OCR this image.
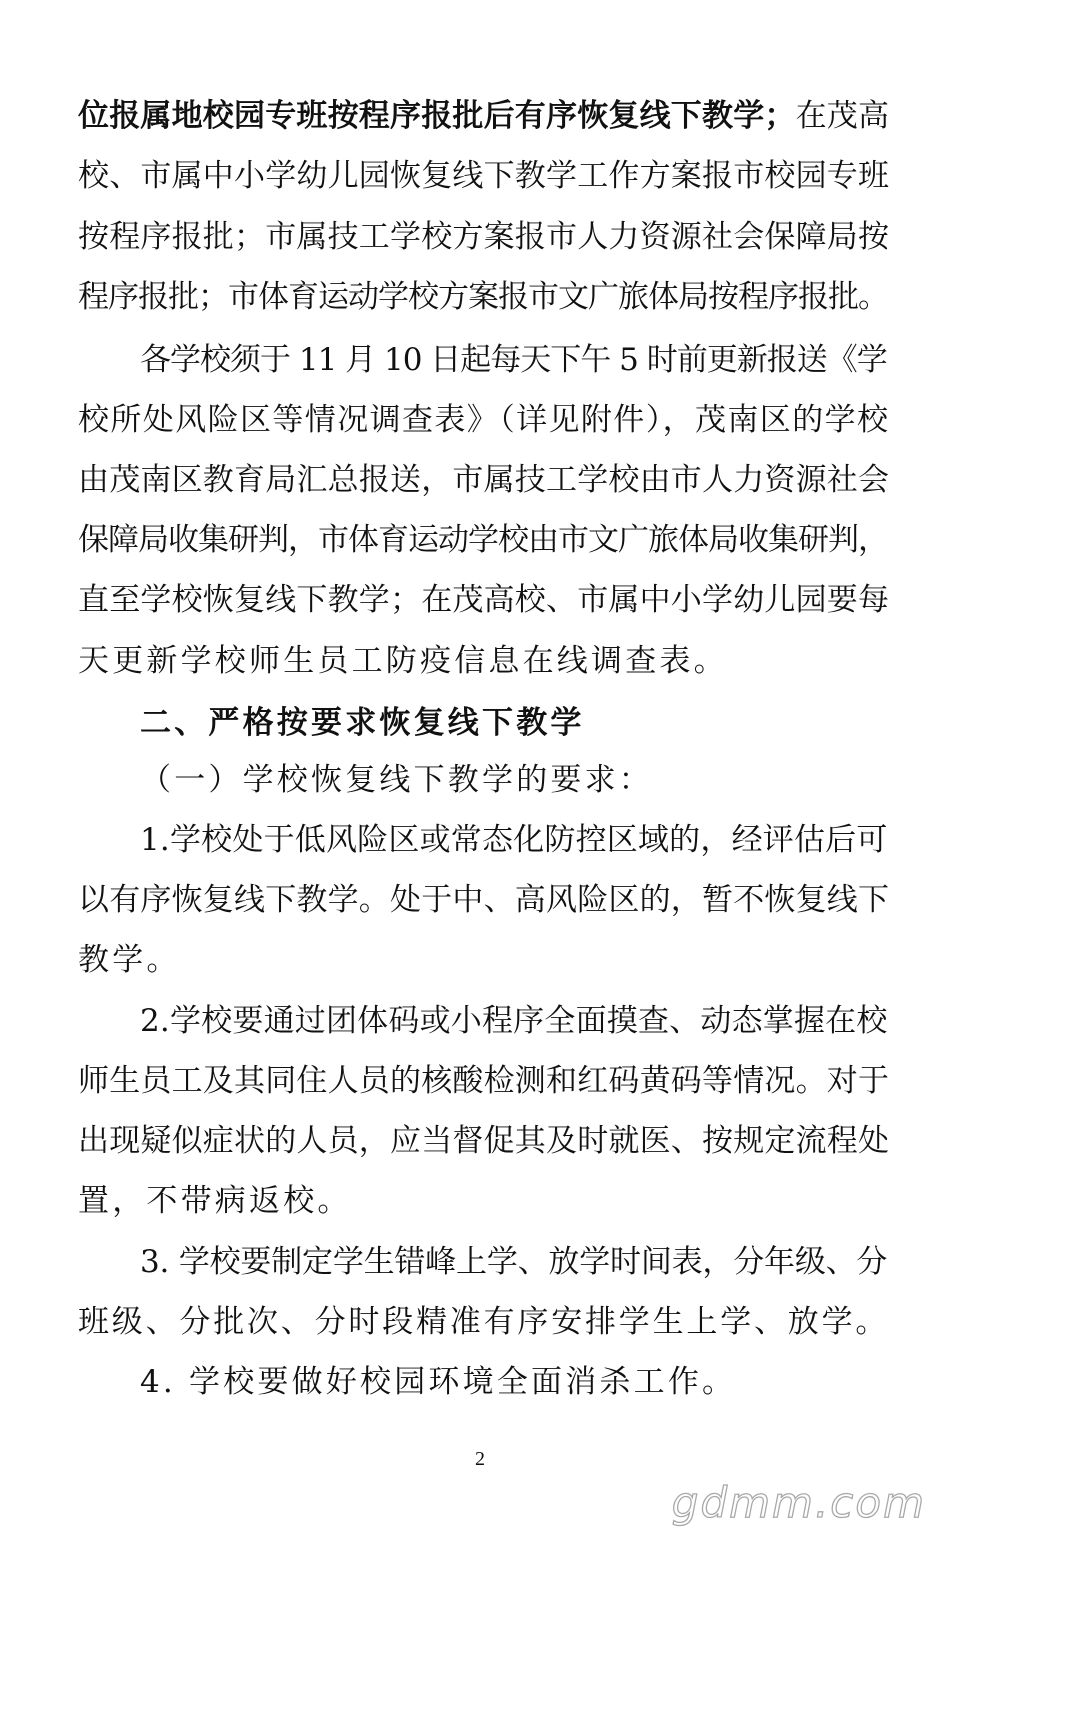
位报属地校园专班按程序报批后有序恢复线下教学；在茂高
校、市属中小学幼儿园恢复线下教学工作方案报市校园专班
按程序报批；市属技工学校方案报市人力资源社会保障局按
程序报批；市体育运动学校方案报市文广旅体局按程序报批。
各学校须于 11 月 10 日起每天下午 5 时前更新报送《学
校所处风险区等情况调查表》（详见附件），茂南区的学校
由茂南区教育局汇总报送，市属技工学校由市人力资源社会
保障局收集研判，市体育运动学校由市文广旅体局收集研判，
直至学校恢复线下教学；在茂高校、市属中小学幼儿园要每
天更新学校师生员工防疫信息在线调查表。
二、严格按要求恢复线下教学
（一）学校恢复线下教学的要求：
1.学校处于低风险区或常态化防控区域的，经评估后可
以有序恢复线下教学。处于中、高风险区的，暂不恢复线下
教学。
2.学校要通过团体码或小程序全面摸查、动态掌握在校
师生员工及其同住人员的核酸检测和红码黄码等情况。对于
出现疑似症状的人员，应当督促其及时就医、按规定流程处
置，不带病返校。
3. 学校要制定学生错峰上学、放学时间表，分年级、分
班级、分批次、分时段精准有序安排学生上学、放学。
4. 学校要做好校园环境全面消杀工作。
2
gdmm.com
